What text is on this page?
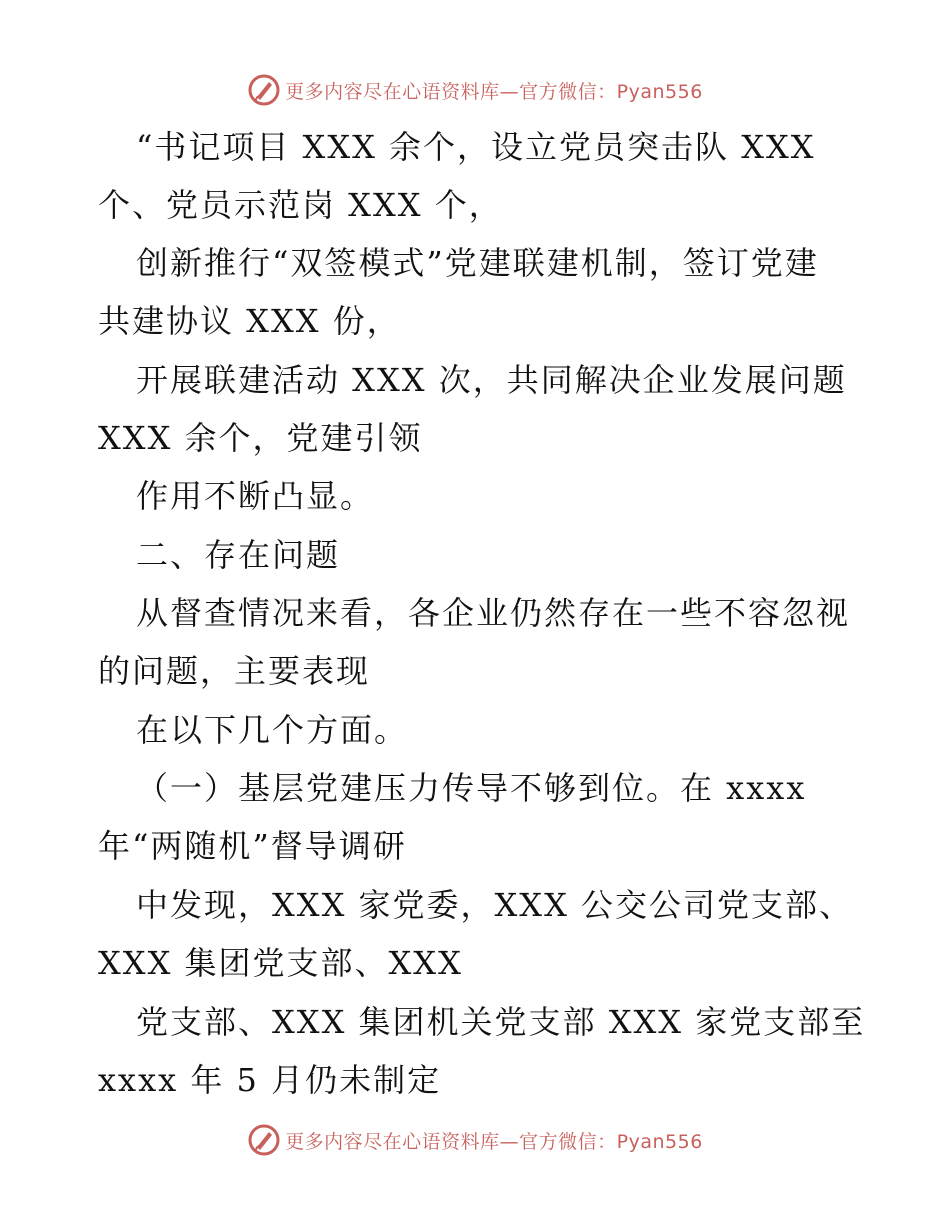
更多内容尽在心语资料库—官方微信：Pyan556
“书记项目 XXX 余个，设立党员突击队 XXX
个、党员示范岗 XXX 个，
创新推行“双签模式”党建联建机制，签订党建
共建协议 XXX 份，
开展联建活动 XXX 次，共同解决企业发展问题
XXX 余个，党建引领
作用不断凸显。
二、存在问题
从督查情况来看，各企业仍然存在一些不容忽视
的问题，主要表现
在以下几个方面。
（一）基层党建压力传导不够到位。在 xxxx
年“两随机”督导调研
中发现，XXX 家党委，XXX 公交公司党支部、
XXX 集团党支部、XXX
党支部、XXX 集团机关党支部 XXX 家党支部至
xxxx 年 5 月仍未制定
更多内容尽在心语资料库—官方微信：Pyan556
